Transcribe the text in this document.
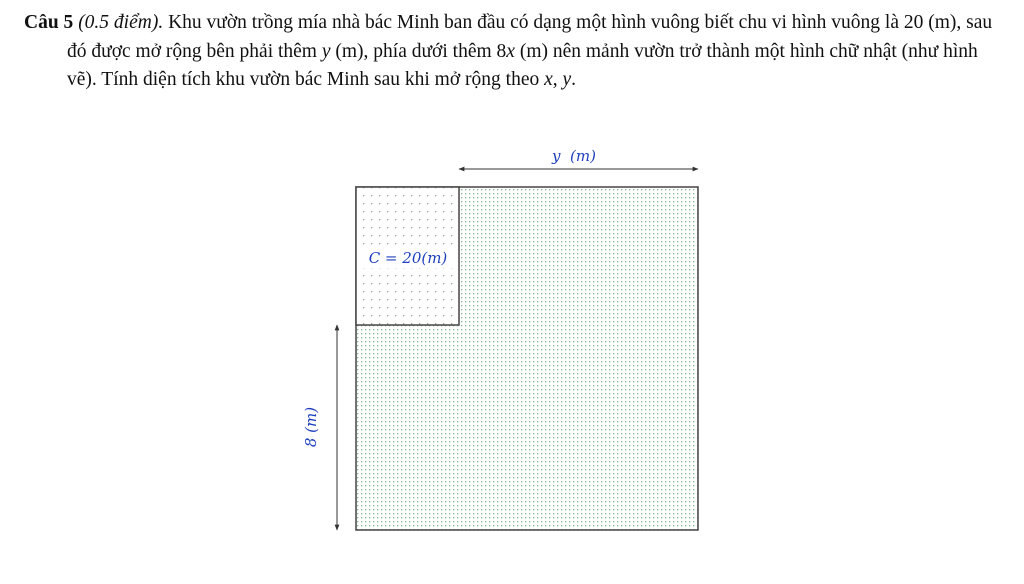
Câu 5 (0.5 điểm). Khu vườn trồng mía nhà bác Minh ban đầu có dạng một hình vuông biết chu vi hình vuông là 20 (m), sau đó được mở rộng bên phải thêm y (m), phía dưới thêm 8x (m) nên mảnh vườn trở thành một hình chữ nhật (như hình vẽ). Tính diện tích khu vườn bác Minh sau khi mở rộng theo x, y.
y  (m)
C = 20(m)
8 (m)
